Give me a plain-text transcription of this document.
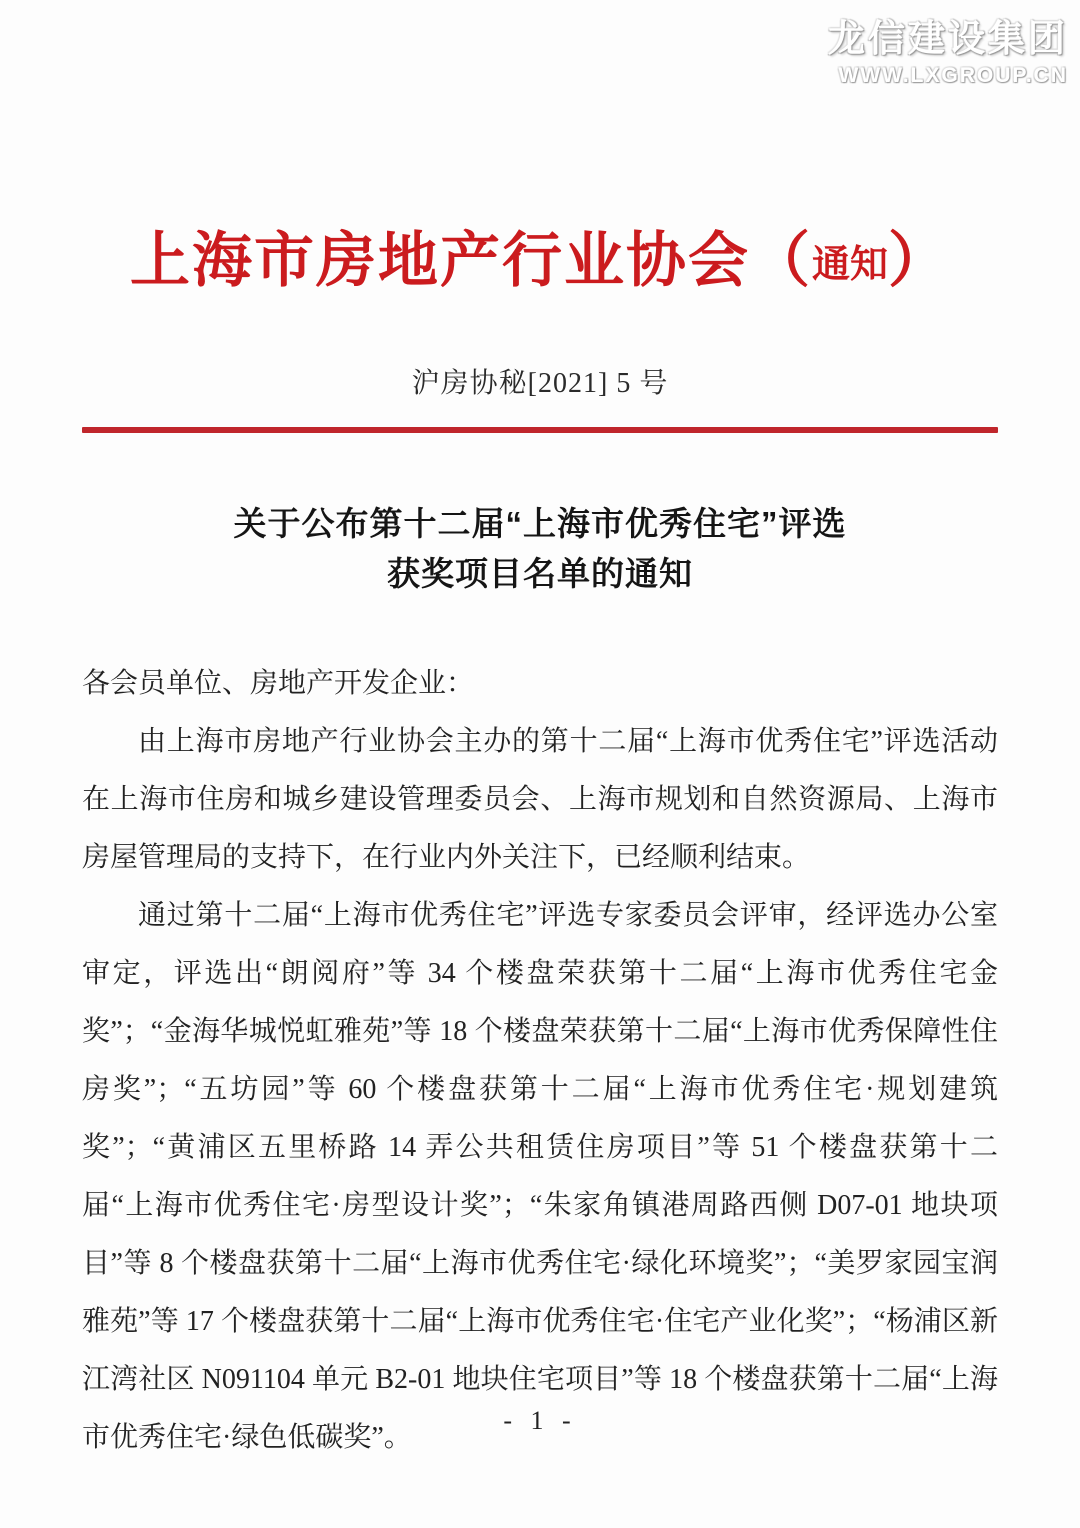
龙信建设集团
WWW.LXGROUP.CN
上海市房地产行业协会（通知）
沪房协秘[2021] 5 号
关于公布第十二届“上海市优秀住宅”评选
获奖项目名单的通知

各会员单位、房地产开发企业：

由上海市房地产行业协会主办的第十二届“上海市优秀住宅”评选活动在上海市住房和城乡建设管理委员会、上海市规划和自然资源局、上海市房屋管理局的支持下，在行业内外关注下，已经顺利结束。

通过第十二届“上海市优秀住宅”评选专家委员会评审，经评选办公室审定，评选出“朗阅府”等 34 个楼盘荣获第十二届“上海市优秀住宅金奖”；“金海华城悦虹雅苑”等 18 个楼盘荣获第十二届“上海市优秀保障性住房奖”；“五坊园”等 60 个楼盘获第十二届“上海市优秀住宅·规划建筑奖”；“黄浦区五里桥路 14 弄公共租赁住房项目”等 51 个楼盘获第十二届“上海市优秀住宅·房型设计奖”；“朱家角镇港周路西侧 D07-01 地块项目”等 8 个楼盘获第十二届“上海市优秀住宅·绿化环境奖”；“美罗家园宝润雅苑”等 17 个楼盘获第十二届“上海市优秀住宅·住宅产业化奖”；“杨浦区新江湾社区 N091104 单元 B2-01 地块住宅项目”等 18 个楼盘获第十二届“上海市优秀住宅·绿色低碳奖”。

- 1 -
